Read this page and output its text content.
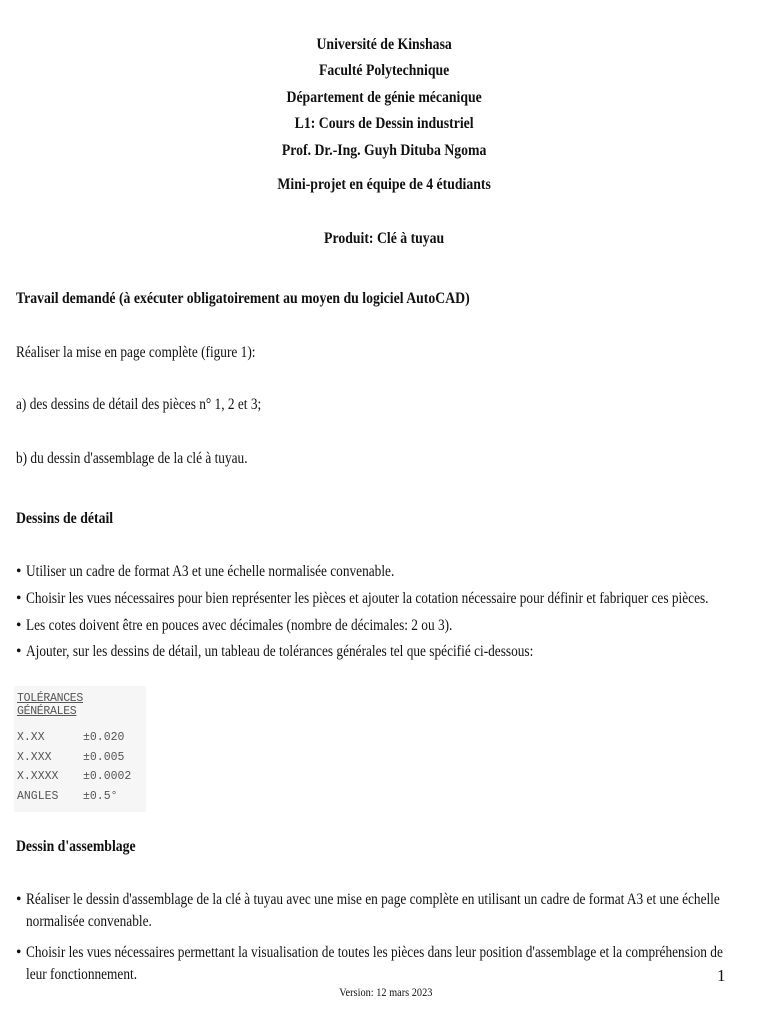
Université de Kinshasa
Faculté Polytechnique
Département de génie mécanique
L1: Cours de Dessin industriel
Prof. Dr.-Ing. Guyh Dituba Ngoma
Mini-projet en équipe de 4 étudiants
Produit: Clé à tuyau
Travail demandé (à exécuter obligatoirement au moyen du logiciel AutoCAD)
Réaliser la mise en page complète (figure 1):
a) des dessins de détail des pièces n° 1, 2 et 3;
b) du dessin d'assemblage de la clé à tuyau.
Dessins de détail
• Utiliser un cadre de format A3 et une échelle normalisée convenable.
• Choisir les vues nécessaires pour bien représenter les pièces et ajouter la cotation nécessaire pour définir et fabriquer ces pièces.
• Les cotes doivent être en pouces avec décimales (nombre de décimales: 2 ou 3).
• Ajouter, sur les dessins de détail, un tableau de tolérances générales tel que spécifié ci-dessous:
TOLÉRANCES GÉNÉRALES
X.XX	±0.020
X.XXX	±0.005
X.XXXX ±0.0002
ANGLES ±0.5°
Dessin d'assemblage
• Réaliser le dessin d'assemblage de la clé à tuyau avec une mise en page complète en utilisant un cadre de format A3 et une échelle normalisée convenable.
• Choisir les vues nécessaires permettant la visualisation de toutes les pièces dans leur position d'assemblage et la compréhension de leur fonctionnement.
Version: 12 mars 2023
1
